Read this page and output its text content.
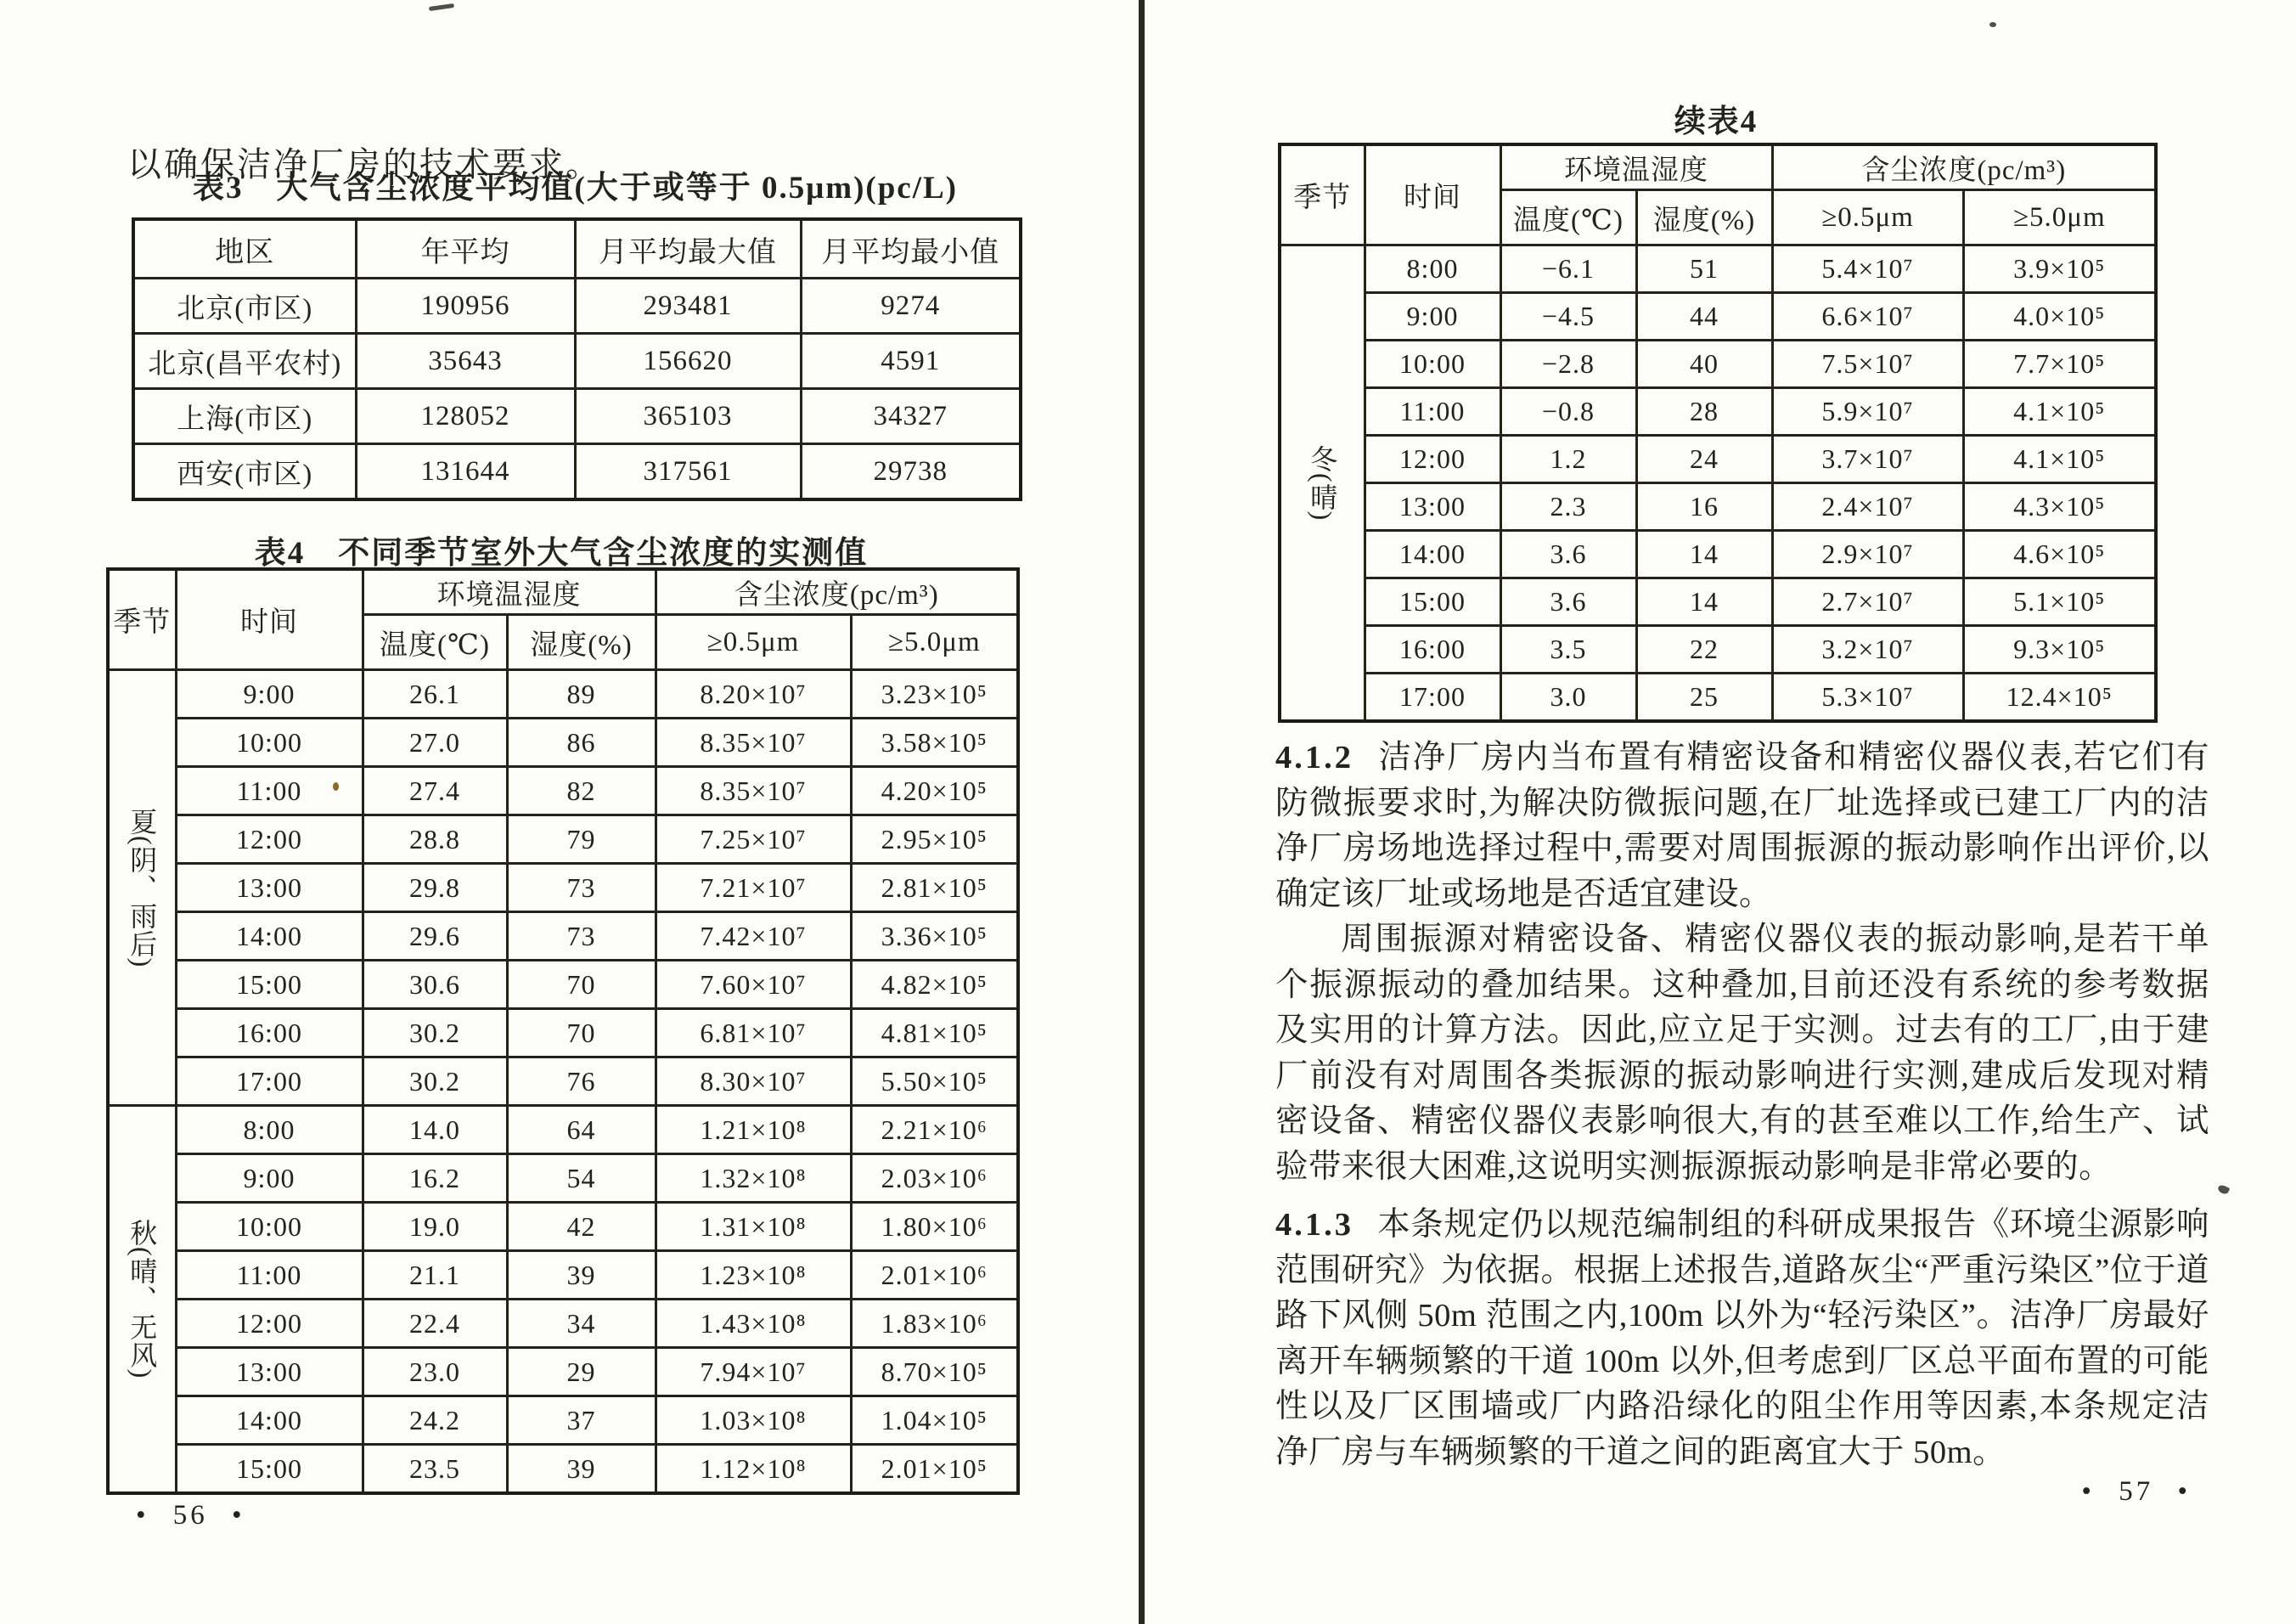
以确保洁净厂房的技术要求。

表3　大气含尘浓度平均值(大于或等于 0.5μm)(pc/L)
地区	年平均	月平均最大值	月平均最小值
北京(市区)	190956	293481	9274
北京(昌平农村)	35643	156620	4591
上海(市区)	128052	365103	34327
西安(市区)	131644	317561	29738
表4　不同季节室外大气含尘浓度的实测值
季节	时间	环境温湿度		含尘浓度(pc/m³)	
		温度(℃)	湿度(%)	≥0.5μm	≥5.0μm
夏(阴、雨后)	9:00	26.1	89	8.20×10⁷	3.23×10⁵
	10:00	27.0	86	8.35×10⁷	3.58×10⁵
	11:00	27.4	82	8.35×10⁷	4.20×10⁵
	12:00	28.8	79	7.25×10⁷	2.95×10⁵
	13:00	29.8	73	7.21×10⁷	2.81×10⁵
	14:00	29.6	73	7.42×10⁷	3.36×10⁵
	15:00	30.6	70	7.60×10⁷	4.82×10⁵
	16:00	30.2	70	6.81×10⁷	4.81×10⁵
	17:00	30.2	76	8.30×10⁷	5.50×10⁵
秋(晴、无风)	8:00	14.0	64	1.21×10⁸	2.21×10⁶
	9:00	16.2	54	1.32×10⁸	2.03×10⁶
	10:00	19.0	42	1.31×10⁸	1.80×10⁶
	11:00	21.1	39	1.23×10⁸	2.01×10⁶
	12:00	22.4	34	1.43×10⁸	1.83×10⁶
	13:00	23.0	29	7.94×10⁷	8.70×10⁵
	14:00	24.2	37	1.03×10⁸	1.04×10⁵
	15:00	23.5	39	1.12×10⁸	2.01×10⁵
• 56 •
续表4
季节	时间	环境温湿度		含尘浓度(pc/m³)	
		温度(℃)	湿度(%)	≥0.5μm	≥5.0μm
冬(晴)	8:00	−6.1	51	5.4×10⁷	3.9×10⁵
	9:00	−4.5	44	6.6×10⁷	4.0×10⁵
	10:00	−2.8	40	7.5×10⁷	7.7×10⁵
	11:00	−0.8	28	5.9×10⁷	4.1×10⁵
	12:00	1.2	24	3.7×10⁷	4.1×10⁵
	13:00	2.3	16	2.4×10⁷	4.3×10⁵
	14:00	3.6	14	2.9×10⁷	4.6×10⁵
	15:00	3.6	14	2.7×10⁷	5.1×10⁵
	16:00	3.5	22	3.2×10⁷	9.3×10⁵
	17:00	3.0	25	5.3×10⁷	12.4×10⁵

4.1.2 洁净厂房内当布置有精密设备和精密仪器仪表,若它们有防微振要求时,为解决防微振问题,在厂址选择或已建工厂内的洁净厂房场地选择过程中,需要对周围振源的振动影响作出评价,以确定该厂址或场地是否适宜建设。

周围振源对精密设备、精密仪器仪表的振动影响,是若干单个振源振动的叠加结果。这种叠加,目前还没有系统的参考数据及实用的计算方法。因此,应立足于实测。过去有的工厂,由于建厂前没有对周围各类振源的振动影响进行实测,建成后发现对精密设备、精密仪器仪表影响很大,有的甚至难以工作,给生产、试验带来很大困难,这说明实测振源振动影响是非常必要的。

4.1.3 本条规定仍以规范编制组的科研成果报告《环境尘源影响范围研究》为依据。根据上述报告,道路灰尘“严重污染区”位于道路下风侧 50m 范围之内,100m 以外为“轻污染区”。洁净厂房最好离开车辆频繁的干道 100m 以外,但考虑到厂区总平面布置的可能性以及厂区围墙或厂内路沿绿化的阻尘作用等因素,本条规定洁净厂房与车辆频繁的干道之间的距离宜大于 50m。

• 57 •
